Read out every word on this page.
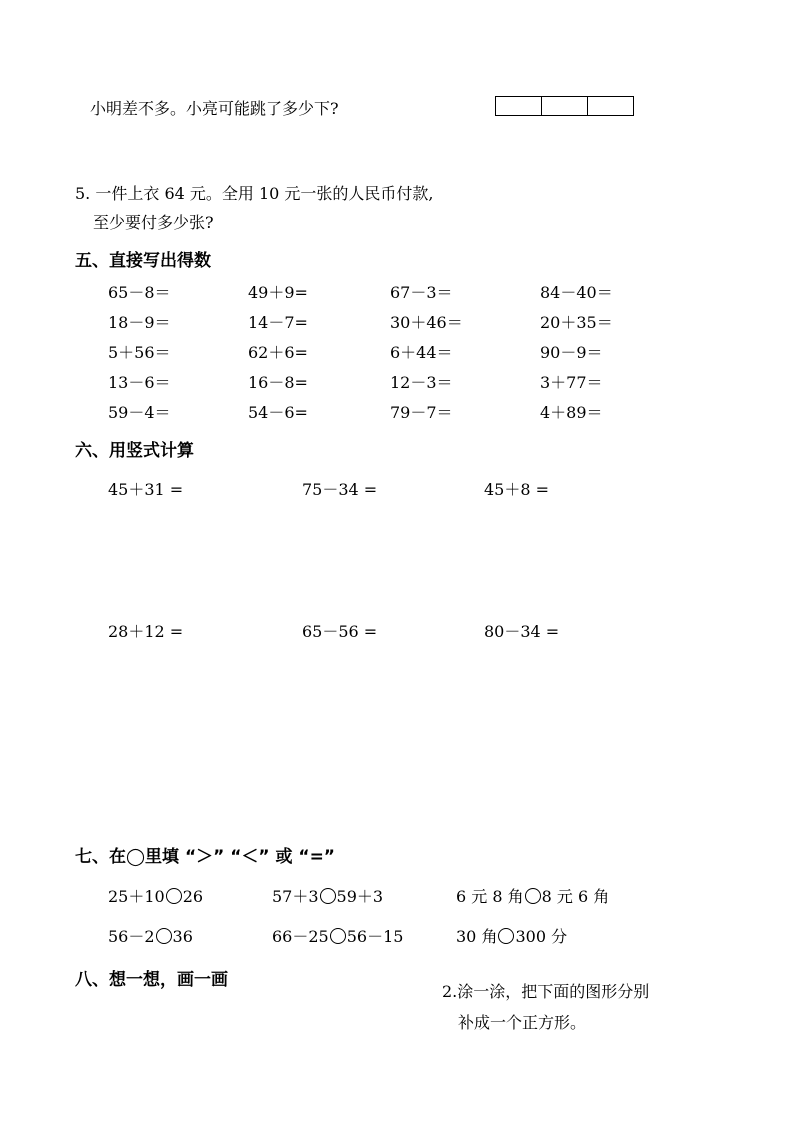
小明差不多。小亮可能跳了多少下?
5. 一件上衣 64 元。全用 10 元一张的人民币付款,
至少要付多少张?
五、直接写出得数
65－8＝	49＋9=	67－3＝	84－40＝
18－9＝	14－7=	30＋46＝	20＋35＝
5＋56＝	62＋6=	6＋44＝	90－9＝
13－6＝	16－8=	12－3＝	3＋77＝
59－4＝	54－6=	79－7＝	4＋89＝
六、用竖式计算
45＋31 =	75－34 =	45＋8 =
28＋12 =	65－56 =	80－34 =
七、在◯里填 “＞” “＜” 或 “=”
25＋10 26	57＋3 59＋3	6 元 8 角 8 元 6 角
56－2 36	66－25 56－15	30 角 300 分
八、想一想，画一画
2.涂一涂，把下面的图形分别
补成一个正方形。
